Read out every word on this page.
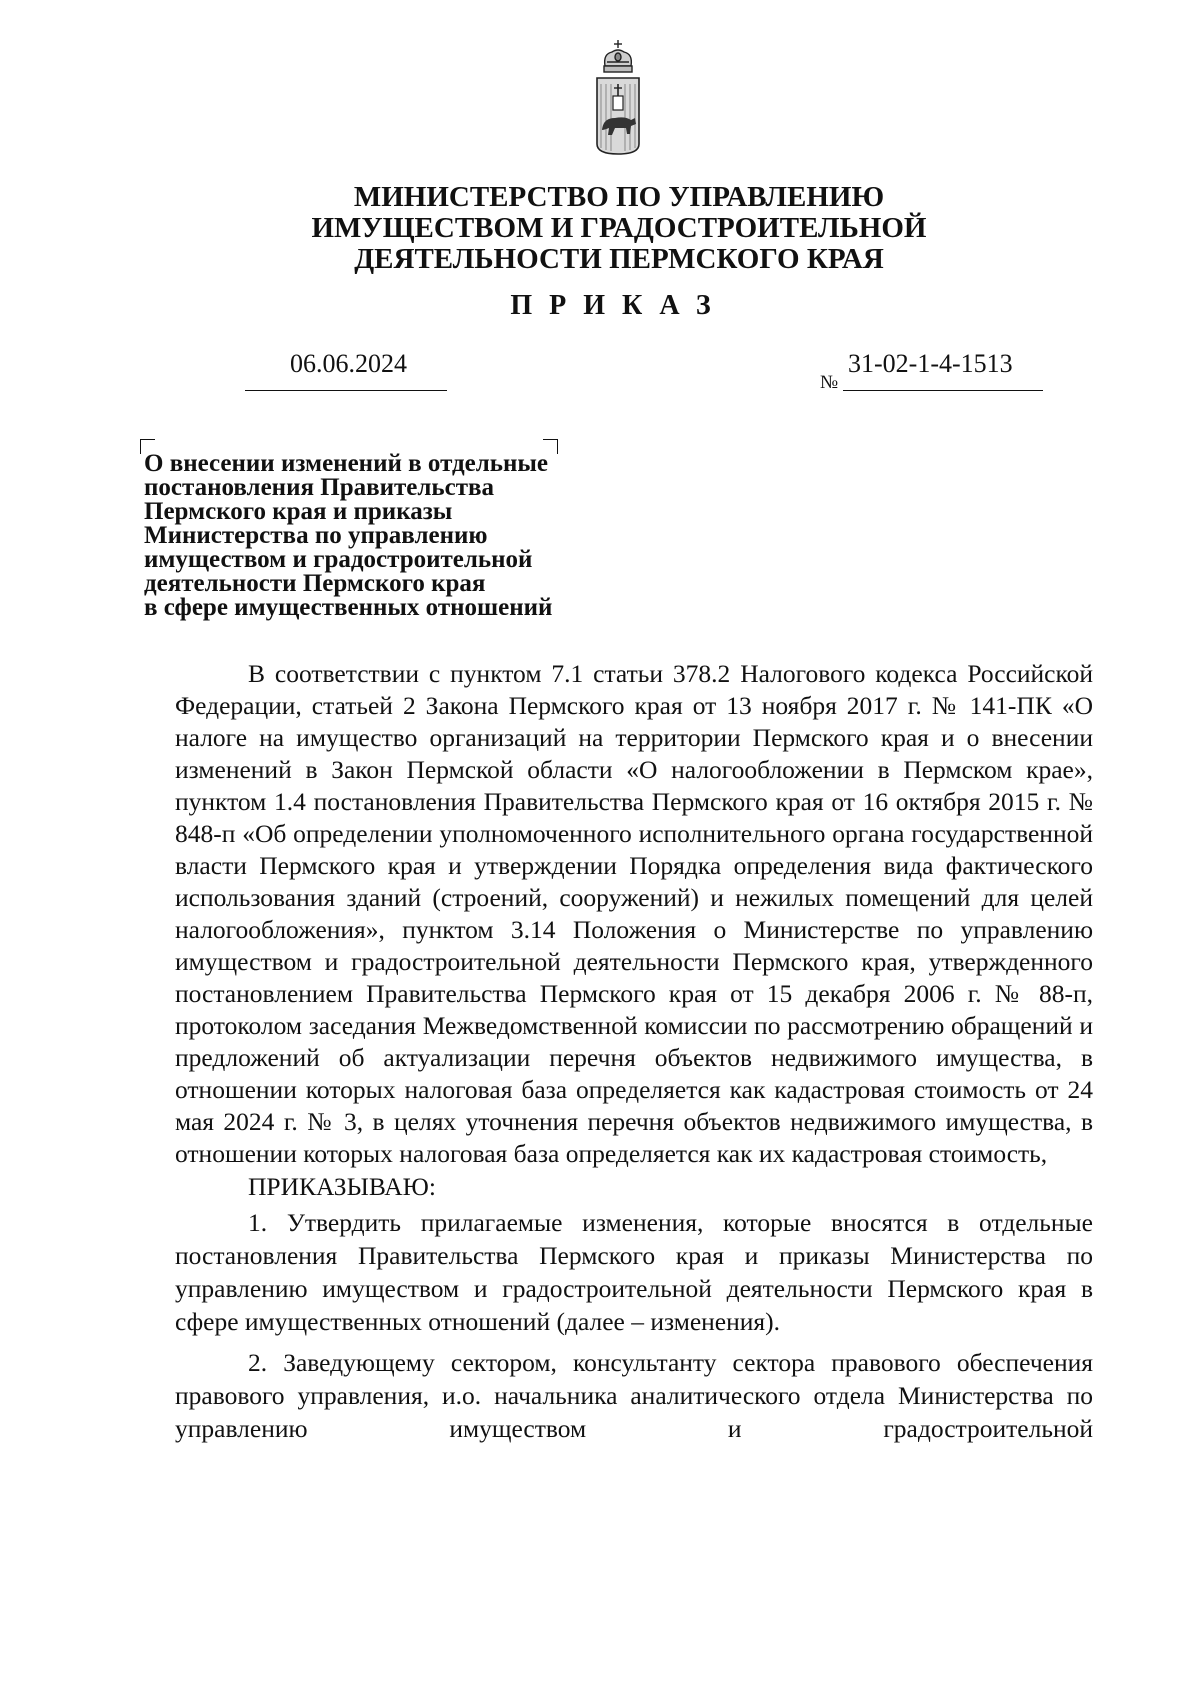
МИНИСТЕРСТВО ПО УПРАВЛЕНИЮ
ИМУЩЕСТВОМ И ГРАДОСТРОИТЕЛЬНОЙ
ДЕЯТЕЛЬНОСТИ ПЕРМСКОГО КРАЯ
ПРИКАЗ
06.06.2024
№
31-02-1-4-1513
О внесении изменений в отдельные
постановления Правительства
Пермского края и приказы
Министерства по управлению
имуществом и градостроительной
деятельности Пермского края
в сфере имущественных отношений

В соответствии с пунктом 7.1 статьи 378.2 Налогового кодекса Российской Федерации, статьей 2 Закона Пермского края от 13 ноября 2017 г. № 141-ПК «О налоге на имущество организаций на территории Пермского края и о внесении изменений в Закон Пермской области «О налогообложении в Пермском крае», пунктом 1.4 постановления Правительства Пермского края от 16 октября 2015 г. № 848-п «Об определении уполномоченного исполнительного органа государственной власти Пермского края и утверждении Порядка определения вида фактического использования зданий (строений, сооружений) и нежилых помещений для целей налогообложения», пунктом 3.14 Положения о Министерстве по управлению имуществом и градостроительной деятельности Пермского края, утвержденного постановлением Правительства Пермского края от 15 декабря 2006 г. № 88-п, протоколом заседания Межведомственной комиссии по рассмотрению обращений и предложений об актуализации перечня объектов недвижимого имущества, в отношении которых налоговая база определяется как кадастровая стоимость от 24 мая 2024 г. № 3, в целях уточнения перечня объектов недвижимого имущества, в отношении которых налоговая база определяется как их кадастровая стоимость,

ПРИКАЗЫВАЮ:

1. Утвердить прилагаемые изменения, которые вносятся в отдельные постановления Правительства Пермского края и приказы Министерства по управлению имуществом и градостроительной деятельности Пермского края в сфере имущественных отношений (далее – изменения).

2. Заведующему сектором, консультанту сектора правового обеспечения правового управления, и.о. начальника аналитического отдела Министерства по управлению имуществом и градостроительной
